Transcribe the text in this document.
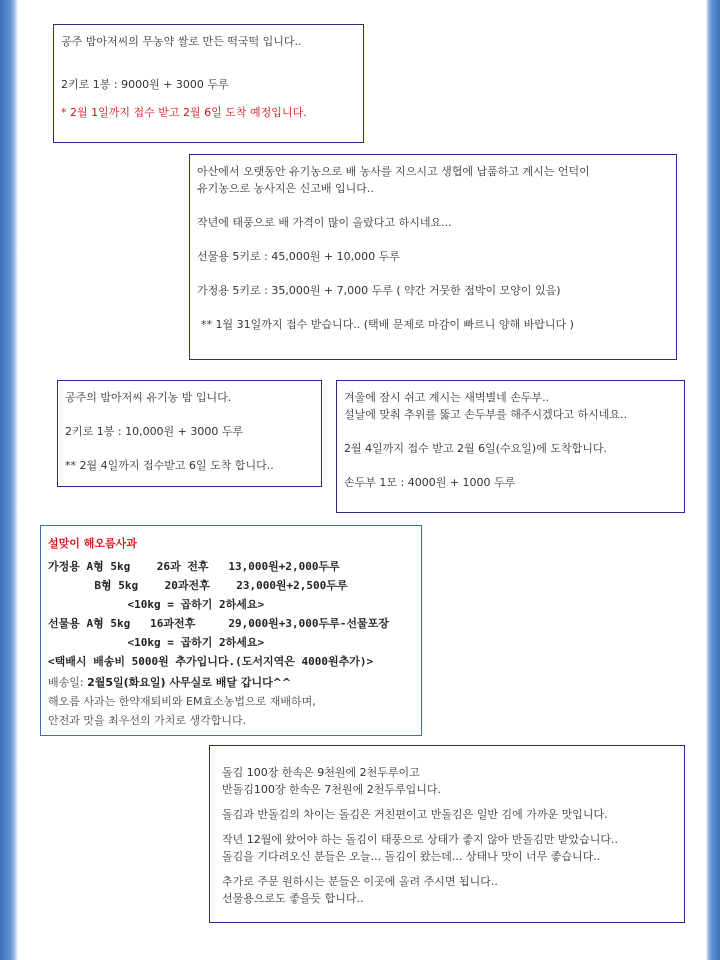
공주 밤아저씨의 무농약 쌀로 만든 떡국떡 입니다..

2키로 1봉 : 9000원 + 3000 두루

* 2월 1일까지 접수 받고 2월 6일 도착 예정입니다.

아산에서 오랫동안 유기농으로 배 농사를 지으시고 생협에 납품하고 계시는 언덕이

유기농으로 농사지은 신고배 입니다..

작년에 태풍으로 배 가격이 많이 올랐다고 하시네요...

선물용 5키로 : 45,000원 + 10,000 두루

가정용 5키로 : 35,000원 + 7,000 두루 ( 약간 거뭇한 점박이 모양이 있음)

** 1월 31일까지 접수 받습니다.. (택배 문제로 마감이 빠르니 양해 바랍니다 )

공주의 밤아저씨 유기농 밤 입니다.

2키로 1봉 : 10,000원 + 3000 두루

** 2월 4일까지 접수받고 6일 도착 합니다..

겨울에 잠시 쉬고 계시는 새벽별네 손두부..

설날에 맞춰 추위를 뚫고 손두부를 해주시겠다고 하시네요..

2월 4일까지 접수 받고 2월 6일(수요일)에 도착합니다.

손두부 1모 : 4000원 + 1000 두루

설맞이 해오름사과

가정용 A형 5kg    26과 전후   13,000원+2,000두루

B형 5kg    20과전후    23,000원+2,500두루

<10kg = 곱하기 2하세요>

선물용 A형 5kg   16과전후     29,000원+3,000두루-선물포장

<10kg = 곱하기 2하세요>

<택배시 배송비 5000원 추가입니다.(도서지역은 4000원추가)>

배송일: 2월5일(화요일) 사무실로 배달 갑니다^^

해오름 사과는 한약재퇴비와 EM효소농법으로 재배하며,

안전과 맛을 최우선의 가치로 생각합니다.

돌김 100장 한속은 9천원에 2천두루이고

반돌김100장 한속은 7천원에 2천두루입니다.

돌김과 반돌김의 차이는 돌김은 거친편이고 반돌김은 일반 김에 가까운 맛입니다.

작년 12월에 왔어야 하는 돌김이 태풍으로 상태가 좋지 않아 반돌김만 받았습니다..

돌김을 기다려오신 분들은 오늘... 돌김이 왔는데... 상태나 맛이 너무 좋습니다..

추가로 주문 원하시는 분들은 이곳에 올려 주시면 됩니다..

선물용으로도 좋을듯 합니다..
